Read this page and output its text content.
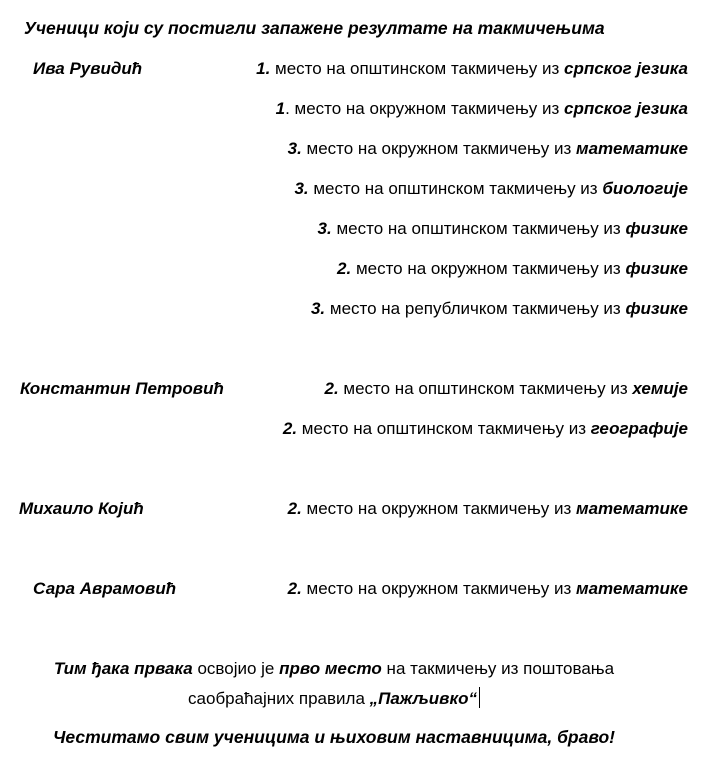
Ученици који су постигли запажене резултате на такмичењима
Ива Рувидић	1. место на општинском такмичењу из српског језика
1. место на окружном такмичењу из српског језика
3. место на окружном такмичењу из математике
3. место на општинском такмичењу из биологије
3. место на општинском такмичењу из физике
2. место на окружном такмичењу из физике
3. место на републичком такмичењу из физике
Константин Петровић	2. место на општинском такмичењу из хемије
2. место на општинском такмичењу из географије
Михаило Којић	2. место на окружном такмичењу из математике
Сара Аврамовић	2. место на окружном такмичењу из математике
Тим ђака првака освојио је прво место на такмичењу из поштовања
саобраћајних правила „Пажљивко“
Честитамо свим ученицима и њиховим наставницима, браво!
